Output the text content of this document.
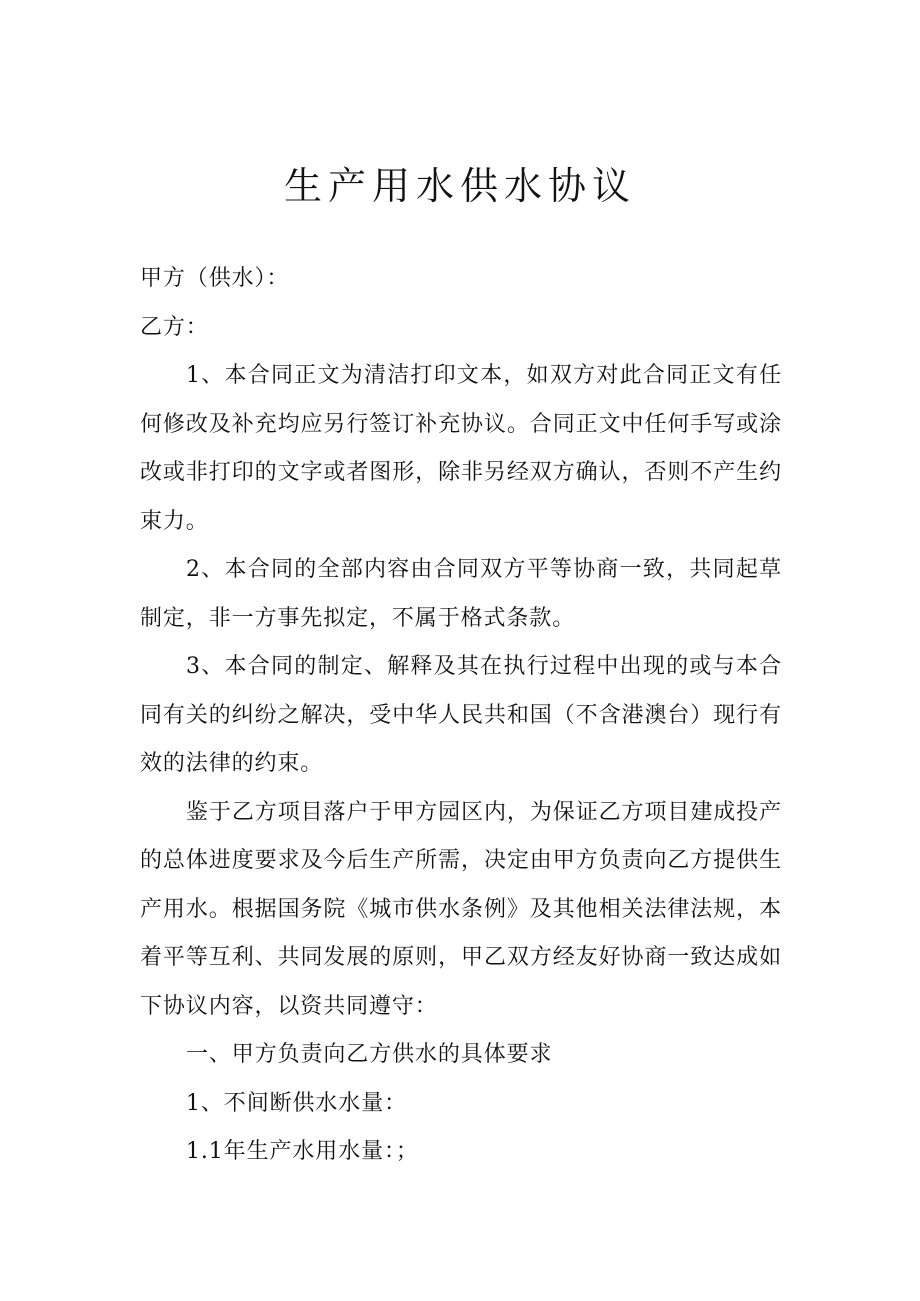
生产用水供水协议

甲方（供水）：

乙方：

1、本合同正文为清洁打印文本，如双方对此合同正文有任何修改及补充均应另行签订补充协议。合同正文中任何手写或涂改或非打印的文字或者图形，除非另经双方确认，否则不产生约束力。

2、本合同的全部内容由合同双方平等协商一致，共同起草制定，非一方事先拟定，不属于格式条款。

3、本合同的制定、解释及其在执行过程中出现的或与本合同有关的纠纷之解决，受中华人民共和国（不含港澳台）现行有效的法律的约束。

鉴于乙方项目落户于甲方园区内，为保证乙方项目建成投产的总体进度要求及今后生产所需，决定由甲方负责向乙方提供生产用水。根据国务院《城市供水条例》及其他相关法律法规，本着平等互利、共同发展的原则，甲乙双方经友好协商一致达成如下协议内容，以资共同遵守：

一、甲方负责向乙方供水的具体要求

1、不间断供水水量：

1.1年生产水用水量：；
